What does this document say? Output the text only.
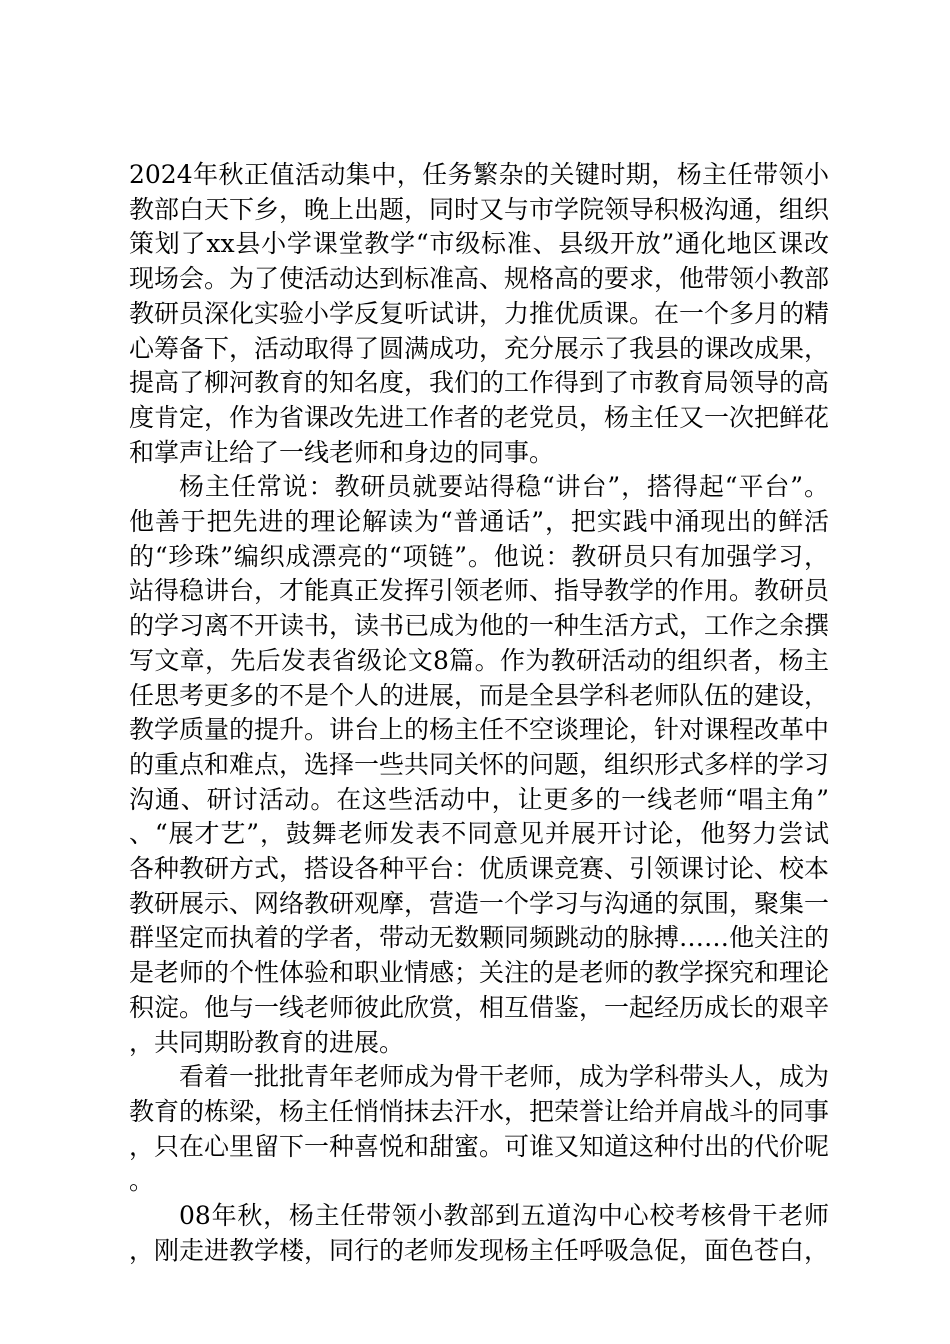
2024年秋正值活动集中，任务繁杂的关键时期，杨主任带领小教部白天下乡，晚上出题，同时又与市学院领导积极沟通，组织策划了xx县小学课堂教学“市级标准、县级开放”通化地区课改现场会。为了使活动达到标准高、规格高的要求，他带领小教部教研员深化实验小学反复听试讲，力推优质课。在一个多月的精心筹备下，活动取得了圆满成功，充分展示了我县的课改成果，提高了柳河教育的知名度，我们的工作得到了市教育局领导的高度肯定，作为省课改先进工作者的老党员，杨主任又一次把鲜花和掌声让给了一线老师和身边的同事。

杨主任常说：教研员就要站得稳“讲台”，搭得起“平台”。他善于把先进的理论解读为“普通话”，把实践中涌现出的鲜活的“珍珠”编织成漂亮的“项链”。他说：教研员只有加强学习，站得稳讲台，才能真正发挥引领老师、指导教学的作用。教研员的学习离不开读书，读书已成为他的一种生活方式，工作之余撰写文章，先后发表省级论文8篇。作为教研活动的组织者，杨主任思考更多的不是个人的进展，而是全县学科老师队伍的建设，教学质量的提升。讲台上的杨主任不空谈理论，针对课程改革中的重点和难点，选择一些共同关怀的问题，组织形式多样的学习沟通、研讨活动。在这些活动中，让更多的一线老师“唱主角”、“展才艺”，鼓舞老师发表不同意见并展开讨论，他努力尝试各种教研方式，搭设各种平台：优质课竞赛、引领课讨论、校本教研展示、网络教研观摩，营造一个学习与沟通的氛围，聚集一群坚定而执着的学者，带动无数颗同频跳动的脉搏……他关注的是老师的个性体验和职业情感；关注的是老师的教学探究和理论积淀。他与一线老师彼此欣赏，相互借鉴，一起经历成长的艰辛，共同期盼教育的进展。

看着一批批青年老师成为骨干老师，成为学科带头人，成为教育的栋梁，杨主任悄悄抹去汗水，把荣誉让给并肩战斗的同事，只在心里留下一种喜悦和甜蜜。可谁又知道这种付出的代价呢。

08年秋，杨主任带领小教部到五道沟中心校考核骨干老师，刚走进教学楼，同行的老师发现杨主任呼吸急促，面色苍白，
